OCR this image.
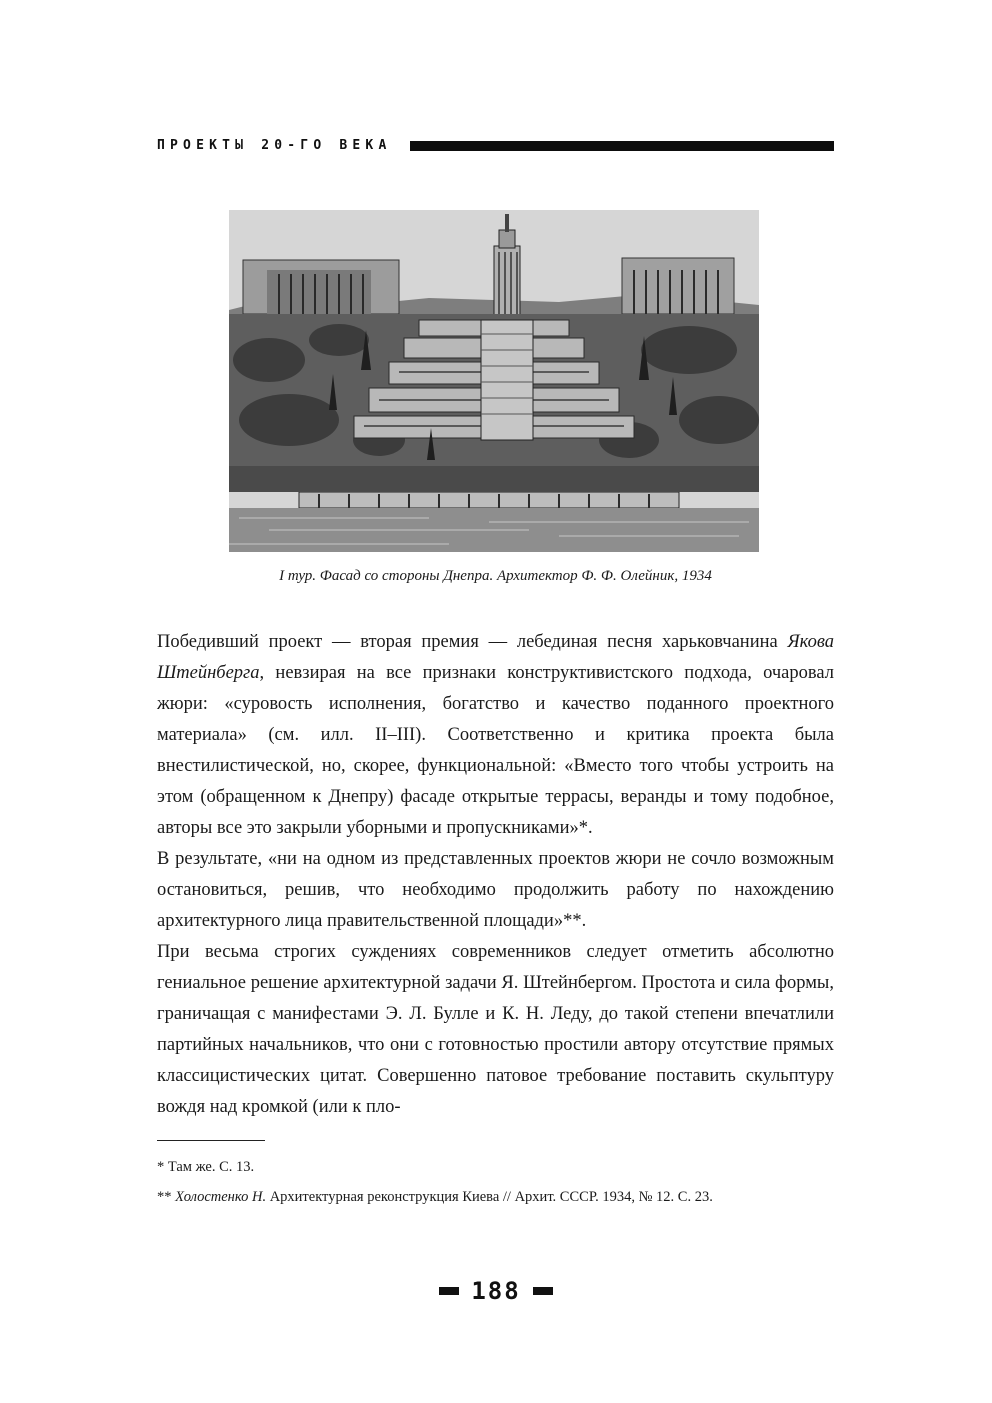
ПРОЕКТЫ 20-ГО ВЕКА
I тур. Фасад со стороны Днепра. Архитектор Ф. Ф. Олейник, 1934

Победивший проект — вторая премия — лебединая песня харьковчанина Якова Штейнберга, невзирая на все признаки конструктивистского подхода, очаровал жюри: «суровость исполнения, богатство и качество поданного проектного материала» (см. илл. II–III). Соответственно и критика проекта была внестилистической, но, скорее, функциональной: «Вместо того чтобы устроить на этом (обращенном к Днепру) фасаде открытые террасы, веранды и тому подобное, авторы все это закрыли уборными и пропускниками»*.

В результате, «ни на одном из представленных проектов жюри не сочло возможным остановиться, решив, что необходимо продолжить работу по нахождению архитектурного лица правительственной площади»**.

При весьма строгих суждениях современников следует отметить абсолютно гениальное решение архитектурной задачи Я. Штейнбергом. Простота и сила формы, граничащая с манифестами Э. Л. Булле и К. Н. Леду, до такой степени впечатлили партийных начальников, что они с готовностью простили автору отсутствие прямых классицистических цитат. Совершенно патовое требование поставить скульптуру вождя над кромкой (или к пло-

* Там же. С. 13.

** Холостенко Н. Архитектурная реконструкция Киева // Архит. СССР. 1934, № 12. С. 23.

188
